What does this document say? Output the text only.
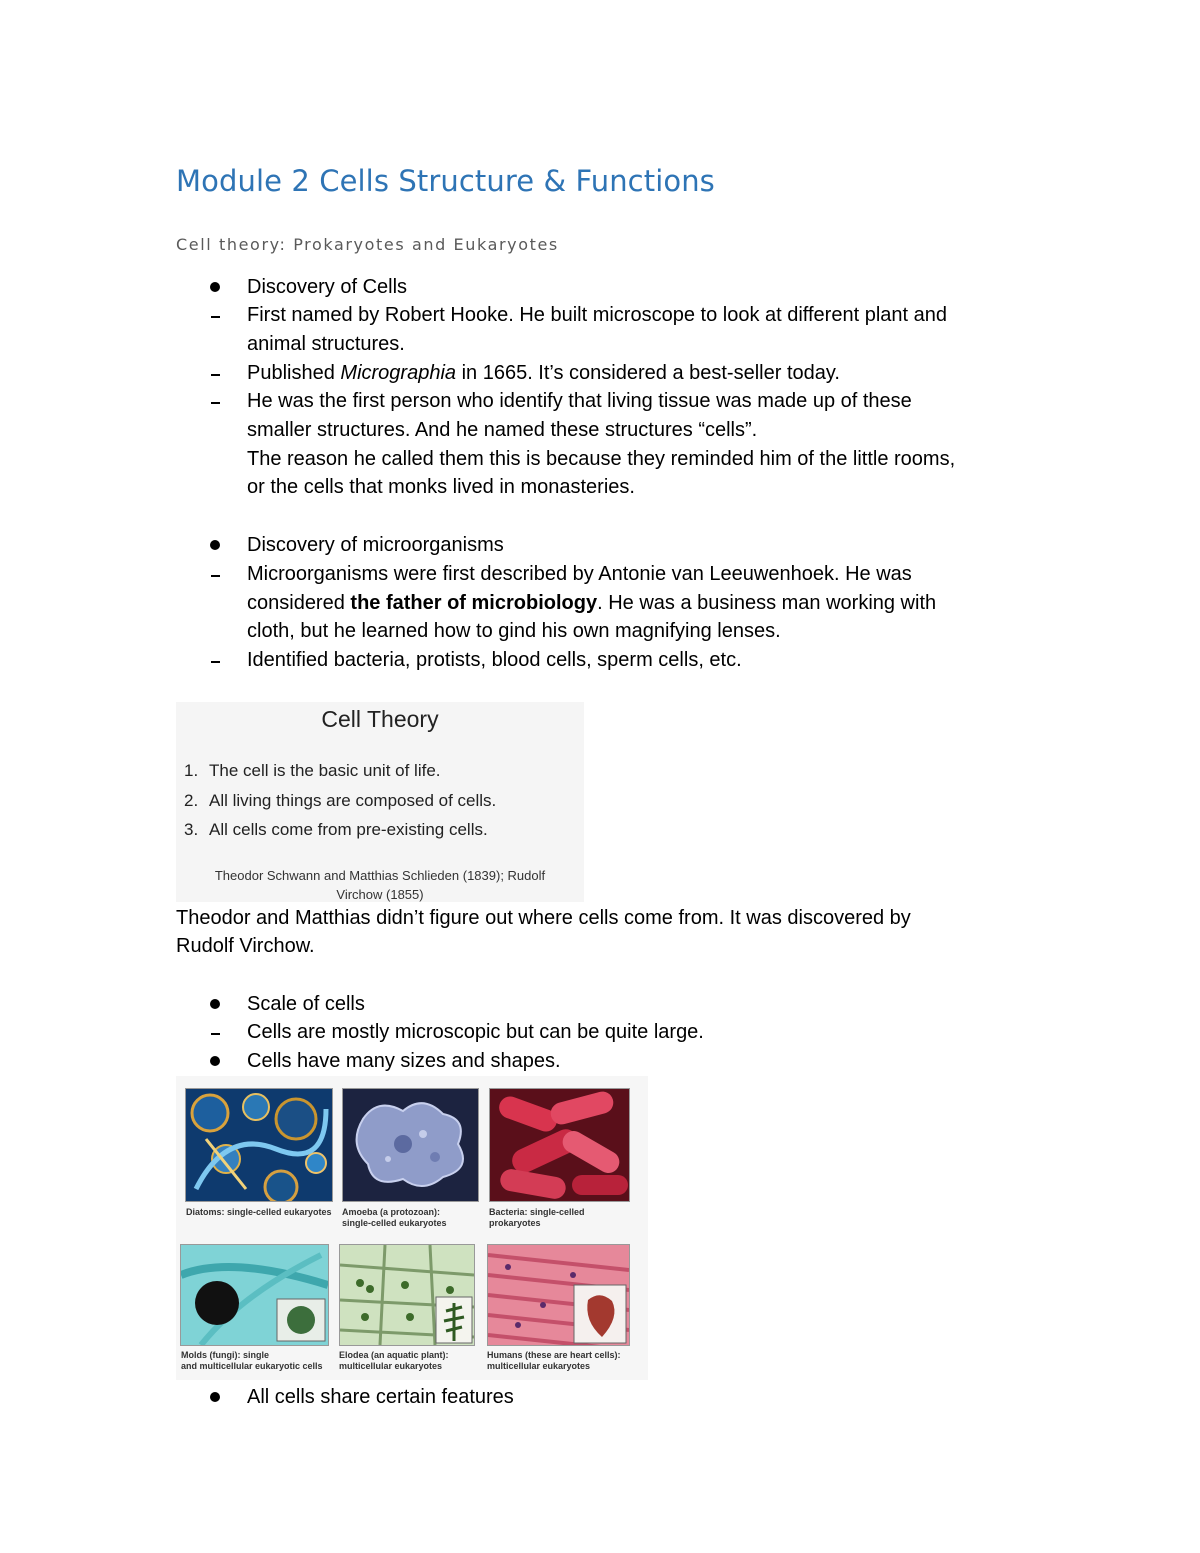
Module 2 Cells Structure & Functions
Cell theory: Prokaryotes and Eukaryotes
Discovery of Cells
First named by Robert Hooke. He built microscope to look at different plant and
animal structures.
Published Micrographia in 1665. It’s considered a best-seller today.
He was the first person who identify that living tissue was made up of these
smaller structures. And he named these structures “cells”.
The reason he called them this is because they reminded him of the little rooms,
or the cells that monks lived in monasteries.
Discovery of microorganisms
Microorganisms were first described by Antonie van Leeuwenhoek. He was
considered the father of microbiology. He was a business man working with
cloth, but he learned how to gind his own magnifying lenses.
Identified bacteria, protists, blood cells, sperm cells, etc.
Cell Theory
1. The cell is the basic unit of life.
2. All living things are composed of cells.
3. All cells come from pre-existing cells.
Theodor Schwann and Matthias Schlieden (1839); Rudolf
Virchow (1855)
Theodor and Matthias didn’t figure out where cells come from. It was discovered by
Rudolf Virchow.
Scale of cells
Cells are mostly microscopic but can be quite large.
Cells have many sizes and shapes.
Diatoms: single-celled eukaryotes Amoeba (a protozoan):
single-celled eukaryotes
Bacteria: single-celled
prokaryotes
Molds (fungi): single
and multicellular eukaryotic cells
Elodea (an aquatic plant):
multicellular eukaryotes
Humans (these are heart cells):
multicellular eukaryotes
All cells share certain features
